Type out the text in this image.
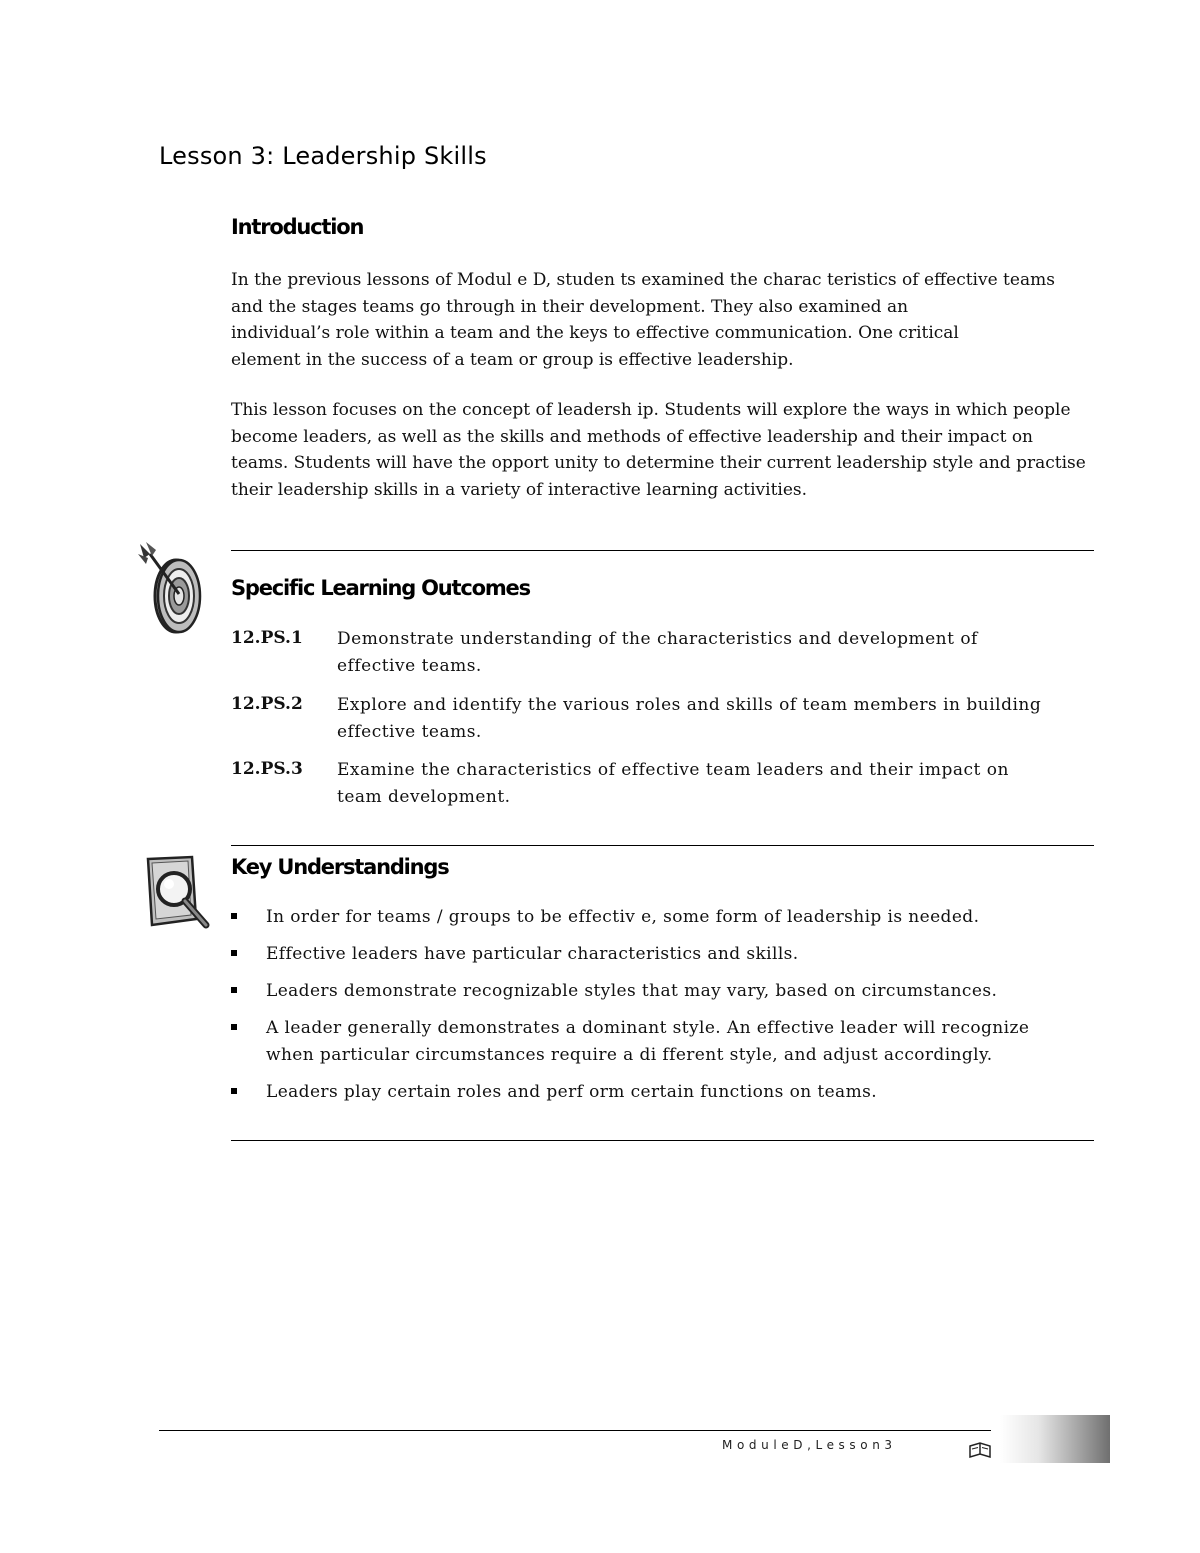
Lesson 3: Leadership Skills
Introduction
In the previous lessons of Modul e D, studen ts examined the charac teristics of effective teams
and the stages teams go through in their development. They also examined an
individual’s role within a team and the keys to effective communication. One critical
element in the success of a team or group is effective leadership.
This lesson focuses on the concept of leadersh ip. Students will explore the ways in which people
become leaders, as well as the skills and methods of effective leadership and their impact on
teams. Students will have the opport unity to determine their current leadership style and practise
their leadership skills in a variety of interactive learning activities.
Specific Learning Outcomes
12.PS.1 Demonstrate understanding of the characteristics and development of
effective teams.
12.PS.2 Explore and identify the various roles and skills of team members in building
effective teams.
12.PS.3 Examine the characteristics of effective team leaders and their impact on
team development.
Key Understandings
In order for teams / groups to be effectiv e, some form of leadership is needed.
Effective leaders have particular characteristics and skills.
Leaders demonstrate recognizable styles that may vary, based on circumstances.
A leader generally demonstrates a dominant style. An effective leader will recognize
when particular circumstances require a di fferent style, and adjust accordingly.
Leaders play certain roles and perf orm certain functions on teams.
ModuleD,Lesson3
